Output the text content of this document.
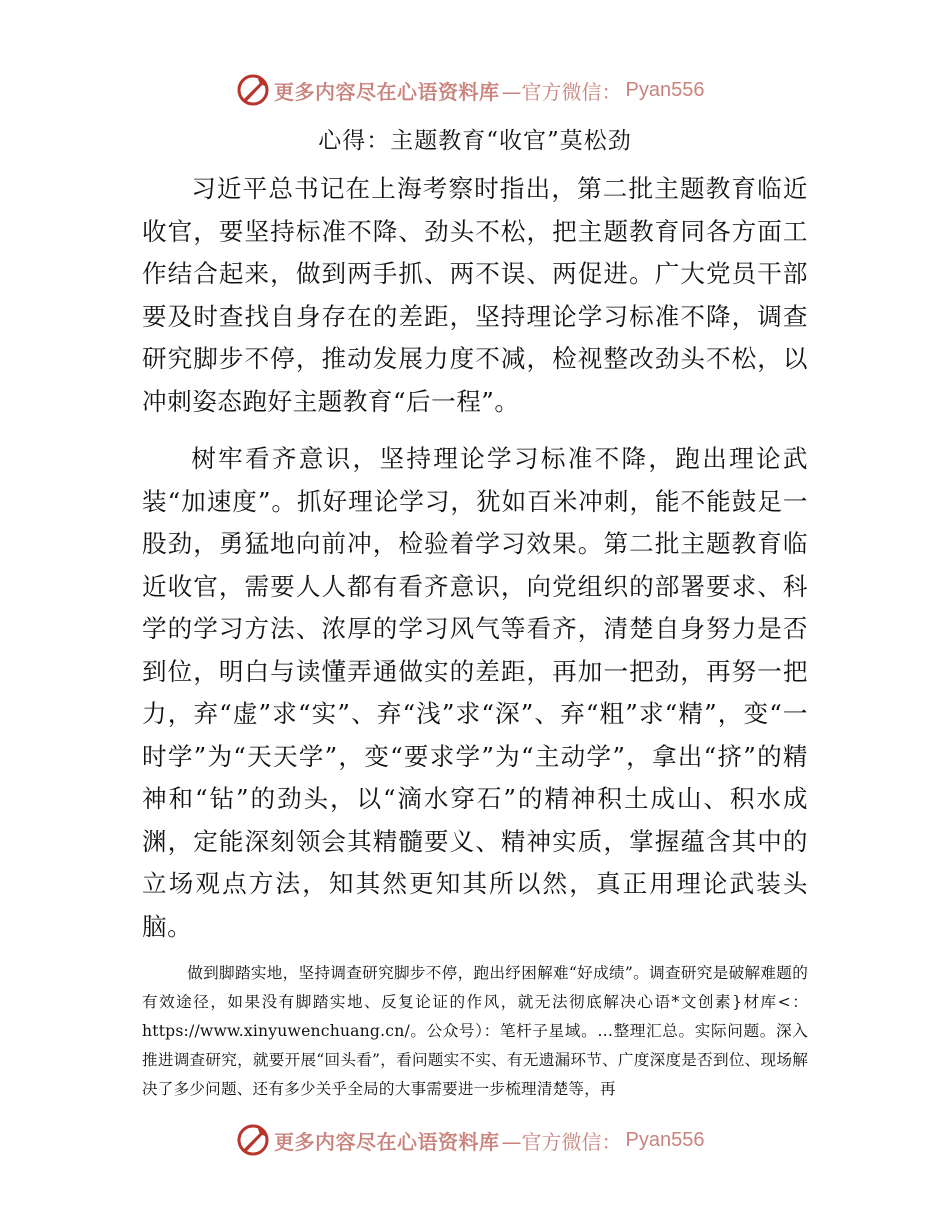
更多内容尽在心语资料库 —官方微信： Pyan556
心得：主题教育“收官”莫松劲

习近平总书记在上海考察时指出，第二批主题教育临近收官，要坚持标准不降、劲头不松，把主题教育同各方面工作结合起来，做到两手抓、两不误、两促进。广大党员干部要及时查找自身存在的差距，坚持理论学习标准不降，调查研究脚步不停，推动发展力度不减，检视整改劲头不松，以冲刺姿态跑好主题教育“后一程”。

树牢看齐意识，坚持理论学习标准不降，跑出理论武装“加速度”。抓好理论学习，犹如百米冲刺，能不能鼓足一股劲，勇猛地向前冲，检验着学习效果。第二批主题教育临近收官，需要人人都有看齐意识，向党组织的部署要求、科学的学习方法、浓厚的学习风气等看齐，清楚自身努力是否到位，明白与读懂弄通做实的差距，再加一把劲，再努一把力，弃“虚”求“实”、弃“浅”求“深”、弃“粗”求“精”，变“一时学”为“天天学”，变“要求学”为“主动学”，拿出“挤”的精神和“钻”的劲头，以“滴水穿石”的精神积土成山、积水成渊，定能深刻领会其精髓要义、精神实质，掌握蕴含其中的立场观点方法，知其然更知其所以然，真正用理论武装头脑。

做到脚踏实地，坚持调查研究脚步不停，跑出纾困解难“好成绩”。调查研究是破解难题的有效途径，如果没有脚踏实地、反复论证的作风，就无法彻底解决心语*文创素}材库<：https://www.xinyuwenchuang.cn/。公众号）：笔杆子星域。…整理汇总。实际问题。深入推进调查研究，就要开展“回头看”，看问题实不实、有无遗漏环节、广度深度是否到位、现场解决了多少问题、还有多少关乎全局的大事需要进一步梳理清楚等，再

更多内容尽在心语资料库 —官方微信： Pyan556
